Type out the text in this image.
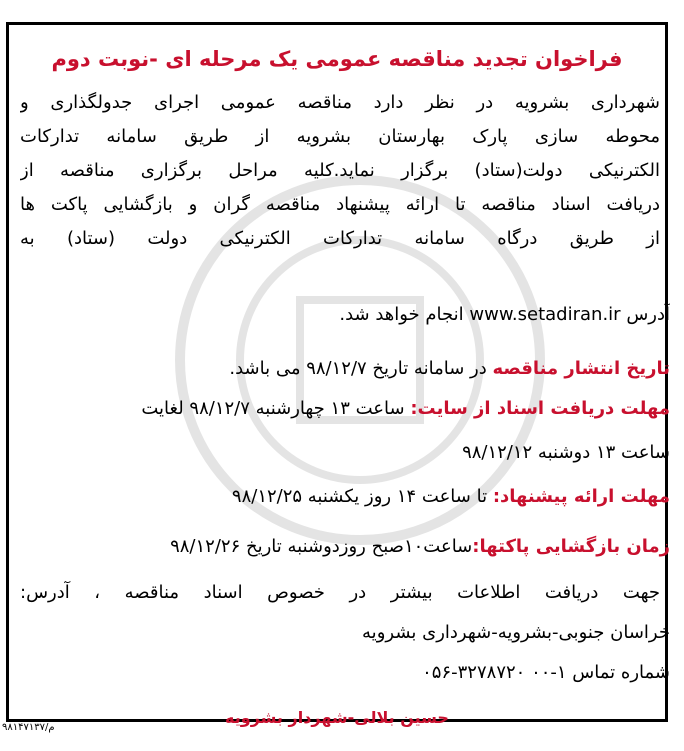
فراخوان تجدید مناقصه عمومی یک مرحله ای -نوبت دوم
شهرداری بشرویه در نظر دارد مناقصه عمومی اجرای جدولگذاری و
محوطه سازی پارک بهارستان بشرویه از طریق سامانه تدارکات
الکترنیکی دولت(ستاد) برگزار نماید.کلیه مراحل برگزاری مناقصه از
دریافت اسناد مناقصه تا ارائه پیشنهاد مناقصه گران و بازگشایی پاکت ها
از طریق درگاه سامانه تدارکات الکترنیکی دولت (ستاد) به
آدرس www.setadiran.ir انجام خواهد شد.
تاریخ انتشار مناقصه در سامانه تاریخ ۹۸/۱۲/۷ می باشد.
مهلت دریافت اسناد از سایت: ساعت ۱۳ چهارشنبه ۹۸/۱۲/۷ لغایت
ساعت ۱۳ دوشنبه ۹۸/۱۲/۱۲
مهلت ارائه پیشنهاد: تا ساعت ۱۴ روز یکشنبه ۹۸/۱۲/۲۵
زمان بازگشایی پاکتها:ساعت۱۰صبح روزدوشنبه تاریخ ۹۸/۱۲/۲۶
جهت دریافت اطلاعات بیشتر در خصوص اسناد مناقصه ، آدرس:
خراسان جنوبی-بشرویه-شهرداری بشرویه
شماره تماس ۱-۰۰ ۳۲۷۸۷۲۰-۰۵۶
حسین بلالی-شهردار بشرویه
م/۹۸۱۴۷۱۳۷
